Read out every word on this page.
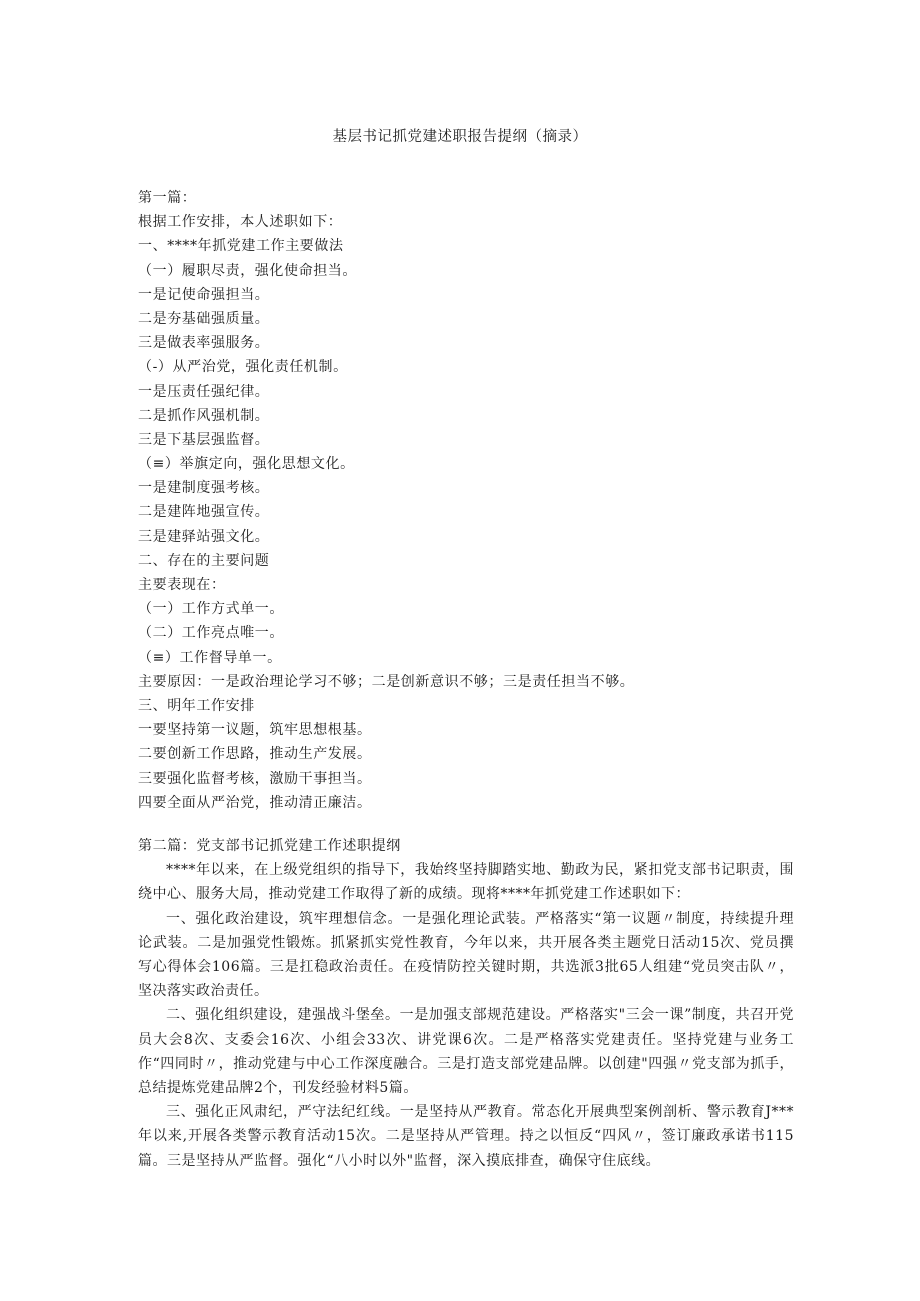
基层书记抓党建述职报告提纲（摘录）
第一篇：
根据工作安排，本人述职如下：
一、****年抓党建工作主要做法
（一）履职尽责，强化使命担当。
一是记使命强担当。
二是夯基础强质量。
三是做表率强服务。
（-）从严治党，强化责任机制。
一是压责任强纪律。
二是抓作风强机制。
三是下基层强监督。
（≡）举旗定向，强化思想文化。
一是建制度强考核。
二是建阵地强宣传。
三是建驿站强文化。
二、存在的主要问题
主要表现在：
（一）工作方式单一。
（二）工作亮点唯一。
（≡）工作督导单一。
主要原因：一是政治理论学习不够；二是创新意识不够；三是责任担当不够。
三、明年工作安排
一要坚持第一议题，筑牢思想根基。
二要创新工作思路，推动生产发展。
三要强化监督考核，激励干事担当。
四要全面从严治党，推动清正廉洁。
第二篇：党支部书记抓党建工作述职提纲

****年以来，在上级党组织的指导下，我始终坚持脚踏实地、勤政为民，紧扣党支部书记职责，围绕中心、服务大局，推动党建工作取得了新的成绩。现将****年抓党建工作述职如下：

一、强化政治建设，筑牢理想信念。一是强化理论武装。严格落实“第一议题〃制度，持续提升理论武装。二是加强党性锻炼。抓紧抓实党性教育，今年以来，共开展各类主题党日活动15次、党员撰写心得体会106篇。三是扛稳政治责任。在疫情防控关键时期，共选派3批65人组建“党员突击队〃，坚决落实政治责任。

二、强化组织建设，建强战斗堡垒。一是加强支部规范建设。严格落实"三会一课”制度，共召开党员大会8次、支委会16次、小组会33次、讲党课6次。二是严格落实党建责任。坚持党建与业务工作“四同时〃，推动党建与中心工作深度融合。三是打造支部党建品牌。以创建"四强〃党支部为抓手，总结提炼党建品牌2个，刊发经验材料5篇。

三、强化正风肃纪，严守法纪红线。一是坚持从严教育。常态化开展典型案例剖析、警示教育J***年以来,开展各类警示教育活动15次。二是坚持从严管理。持之以恒反“四风〃，签订廉政承诺书115篇。三是坚持从严监督。强化“八小时以外"监督，深入摸底排查，确保守住底线。
